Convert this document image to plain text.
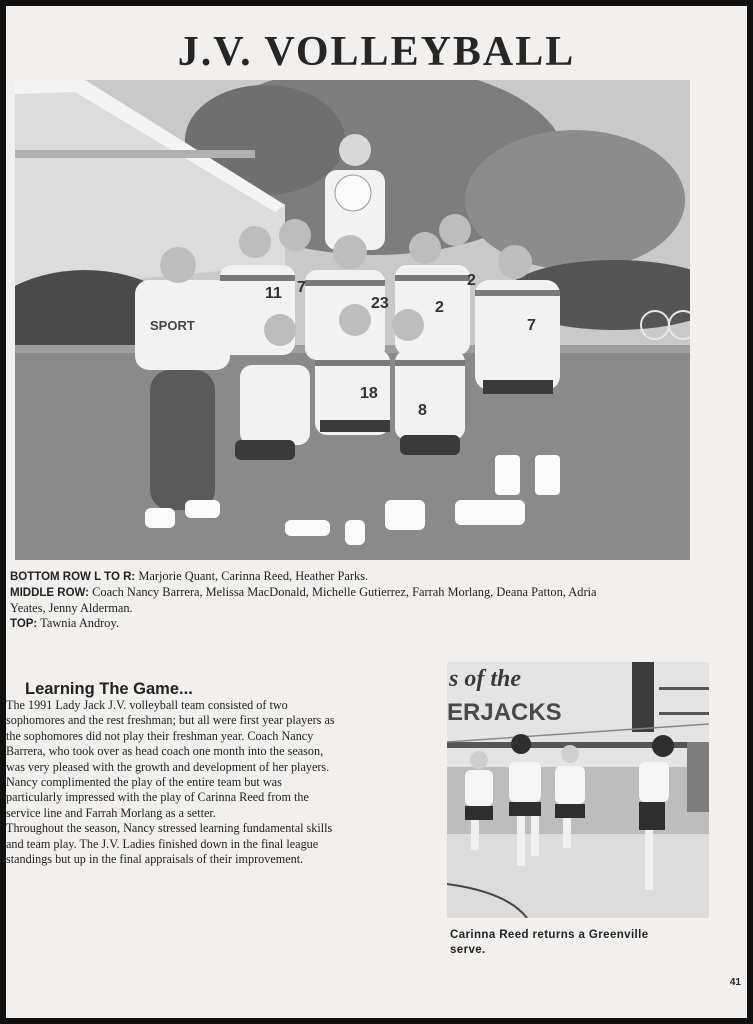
J.V. VOLLEYBALL
11 7
2
23
2
7
18
8
SPORT

BOTTOM ROW L TO R: Marjorie Quant, Carinna Reed, Heather Parks.

MIDDLE ROW: Coach Nancy Barrera, Melissa MacDonald, Michelle Gutierrez, Farrah Morlang, Deana Patton, Adria

Yeates, Jenny Alderman.

TOP: Tawnia Androy.

Learning The Game...

The 1991 Lady Jack J.V. volleyball team consisted of two

sophomores and the rest freshman; but all were first year players as

the sophomores did not play their freshman year. Coach Nancy

Barrera, who took over as head coach one month into the season,

was very pleased with the growth and development of her players.

Nancy complimented the play of the entire team but was

particularly impressed with the play of Carinna Reed from the

service line and Farrah Morlang as a setter.

Throughout the season, Nancy stressed learning fundamental skills

and team play. The J.V. Ladies finished down in the final league

standings but up in the final appraisals of their improvement.

s of the
ERJACKS
Carinna Reed returns a Greenville
serve.
41
